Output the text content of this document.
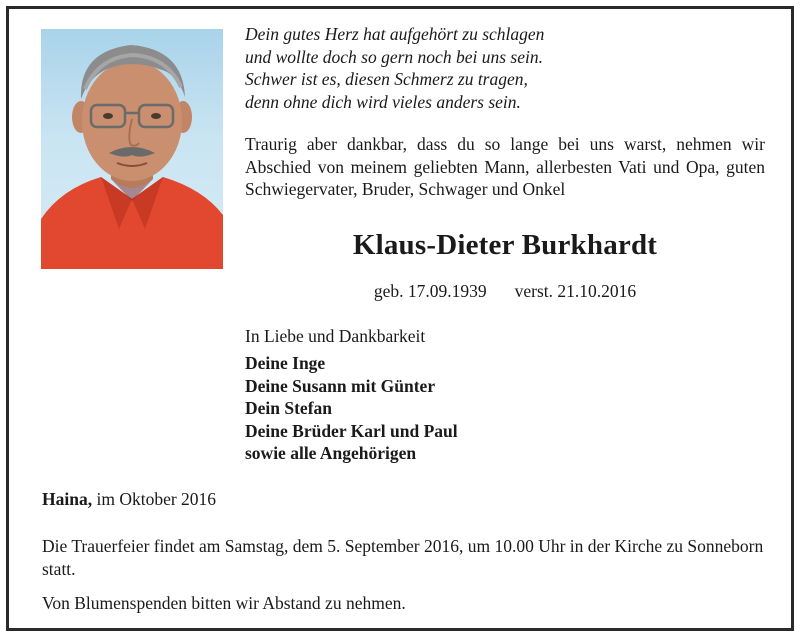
Dein gutes Herz hat aufgehört zu schlagen
und wollte doch so gern noch bei uns sein.
Schwer ist es, diesen Schmerz zu tragen,
denn ohne dich wird vieles anders sein.
Traurig aber dankbar, dass du so lange bei uns warst, nehmen wir Abschied von meinem geliebten Mann, allerbesten Vati und Opa, guten Schwiegervater, Bruder, Schwager und Onkel
Klaus-Dieter Burkhardt
geb. 17.09.1939 verst. 21.10.2016
In Liebe und Dankbarkeit
Deine Inge
Deine Susann mit Günter
Dein Stefan
Deine Brüder Karl und Paul
sowie alle Angehörigen
Haina, im Oktober 2016
Die Trauerfeier findet am Samstag, dem 5. September 2016, um 10.00 Uhr in der Kirche zu Sonneborn statt.
Von Blumenspenden bitten wir Abstand zu nehmen.
